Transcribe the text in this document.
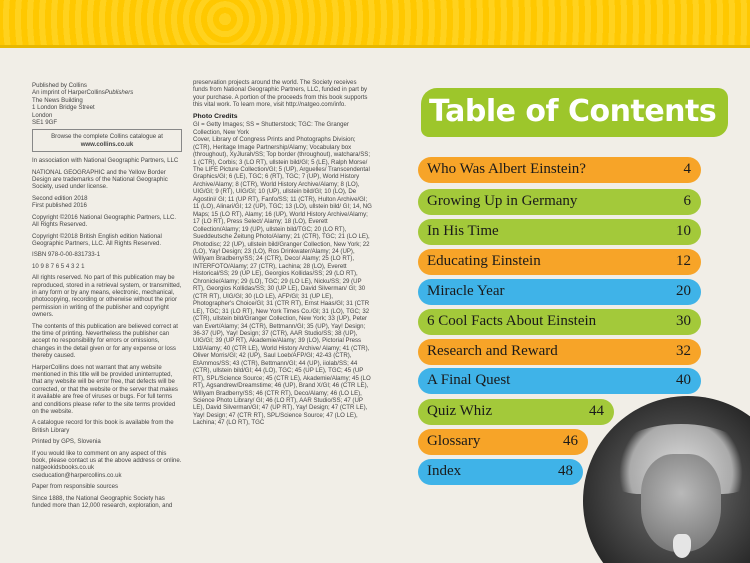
Published by Collins
An imprint of HarperCollinsPublishers
The News Building
1 London Bridge Street
London
SE1 9GF

Browse the complete Collins catalogue at
www.collins.co.uk

In association with National Geographic Partners, LLC

NATIONAL GEOGRAPHIC and the Yellow Border Design are trademarks of the National Geographic Society, used under license.

Second edition 2018
First published 2016

Copyright ©2016 National Geographic Partners, LLC. All Rights Reserved.

Copyright ©2018 British English edition National Geographic Partners, LLC. All Rights Reserved.

ISBN 978-0-00-831733-1

10 9 8 7 6 5 4 3 2 1

All rights reserved. No part of this publication may be reproduced, stored in a retrieval system, or transmitted, in any form or by any means, electronic, mechanical, photocopying, recording or otherwise without the prior permission in writing of the publisher and copyright owners.

The contents of this publication are believed correct at the time of printing. Nevertheless the publisher can accept no responsibility for errors or omissions, changes in the detail given or for any expense or loss thereby caused.

HarperCollins does not warrant that any website mentioned in this title will be provided uninterrupted, that any website will be error free, that defects will be corrected, or that the website or the server that makes it available are free of viruses or bugs. For full terms and conditions please refer to the site terms provided on the website.

A catalogue record for this book is available from the British Library

Printed by GPS, Slovenia

If you would like to comment on any aspect of this book, please contact us at the above address or online.
natgeokidsbooks.co.uk
cseducation@harpercollins.co.uk

Paper from responsible sources

Since 1888, the National Geographic Society has funded more than 12,000 research, exploration, and

preservation projects around the world. The Society receives funds from National Geographic Partners, LLC, funded in part by your purchase. A portion of the proceeds from this book supports this vital work. To learn more, visit http://natgeo.com/info.

Photo Credits

GI = Getty Images; SS = Shutterstock; TGC: The Granger Collection, New York

Cover, Library of Congress Prints and Photographs Division; (CTR), Heritage Image Partnership/Alamy; Vocabulary box (throughout), XyJlurah/SS; Top border (throughout), watchara/SS; 1 (CTR), Corbis; 3 (LO RT), ullstein bild/GI; 5 (LE), Ralph Morse/ The LIFE Picture Collection/GI; 5 (UP), Arguelles/ Transcendental Graphics/GI; 6 (LE), TGC; 6 (RT), TGC; 7 (UP), World History Archive/Alamy; 8 (CTR), World History Archive/Alamy; 8 (LO), UIG/GI; 9 (RT), UIG/GI; 10 (UP), ullstein bild/GI; 10 (LO), De Agostini/ GI; 11 (UP RT), Fanfo/SS; 11 (CTR), Hulton Archive/GI; 11 (LO), Alinari/GI; 12 (UP), TGC; 13 (LO), ullstein bild/ GI; 14, NG Maps; 15 (LO RT), Alamy; 16 (UP), World History Archive/Alamy; 17 (LO RT), Press Select/ Alamy; 18 (LO), Everett Collection/Alamy; 19 (UP), ullstein bild/TGC; 20 (LO RT), Sueddeutsche Zeitung Photo/Alamy; 21 (CTR), TGC; 21 (LO LE), Photodisc; 22 (UP), ullstein bild/Granger Collection, New York; 22 (LO), Yay! Design; 23 (LO), Ros Drinkwater/Alamy; 24 (UP), Willyam Bradberry/SS; 24 (CTR), Deco/ Alamy; 25 (LO RT), INTERFOTO/Alamy; 27 (CTR), Lachina; 28 (LO), Everett Historical/SS; 29 (UP LE), Georgios Kollidas/SS; 29 (LO RT), Chronicle/Alamy; 29 (LO), TGC; 29 (LO LE), Nicku/SS; 29 (UP RT), Georgios Kollidas/SS; 30 (UP LE), David Silverman/ GI; 30 (CTR RT), UIG/GI; 30 (LO LE), AFP/GI; 31 (UP LE), Photographer's Choice/GI; 31 (CTR RT), Ernst Haas/GI; 31 (CTR LE), TGC; 31 (LO RT), New York Times Co./GI; 31 (LO), TGC; 32 (CTR), ullstein bild/Granger Collection, New York; 33 (UP), Peter van Evert/Alamy; 34 (CTR), Bettmann/GI; 35 (UP), Yay! Design; 36-37 (UP), Yay! Design; 37 (CTR), AAR Studio/SS; 38 (UP), UIG/GI; 39 (UP RT), Akademie/Alamy; 39 (LO), Pictorial Press Ltd/Alamy; 40 (CTR LE), World History Archive/ Alamy; 41 (CTR), Oliver Morris/GI; 42 (UP), Saul Loeb/AFP/GI; 42-43 (CTR), EtAmmos/SS; 43 (CTR), Bettmann/GI; 44 (UP), iiolab/SS; 44 (CTR), ullstein bild/GI; 44 (LO), TGC; 45 (UP LE), TGC; 45 (UP RT), SPL/Science Source; 45 (CTR LE), Akademie/Alamy; 45 (LO RT), Agsandrew/Dreamstime; 46 (UP), Brand X/GI; 46 (CTR LE), Willyam Bradberry/SS; 46 (CTR RT), Deco/Alamy; 46 (LO LE), Science Photo Library/ GI; 46 (LO RT), AAR Studio/SS; 47 (UP LE), David Silverman/GI; 47 (UP RT), Yay! Design; 47 (CTR LE), Yay! Design; 47 (CTR RT), SPL/Science Source; 47 (LO LE), Lachina; 47 (LO RT), TGC

Table of Contents
Who Was Albert Einstein?	4
Growing Up in Germany	6
In His Time	10
Educating Einstein	12
Miracle Year	20
6 Cool Facts About Einstein	30
Research and Reward	32
A Final Quest	40
Quiz Whiz	44
Glossary	46
Index	48
